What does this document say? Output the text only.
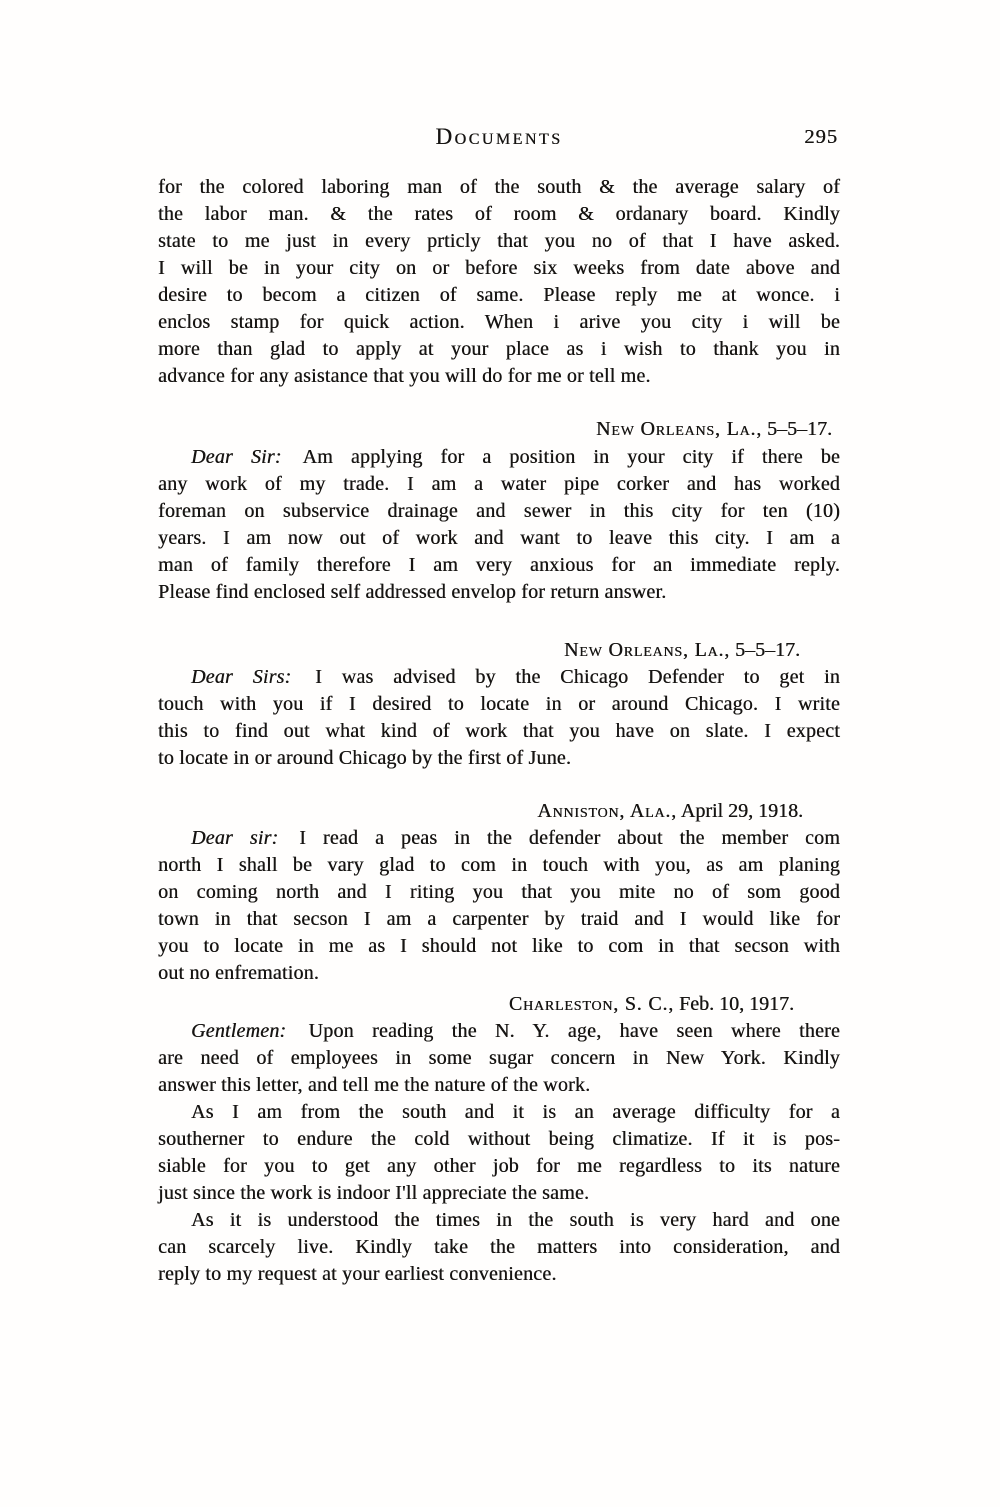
Documents	295
for the colored laboring man of the south & the average salary of
the labor man. & the rates of room & ordanary board. Kindly
state to me just in every prticly that you no of that I have asked.
I will be in your city on or before six weeks from date above and
desire to becom a citizen of same. Please reply me at wonce. i
enclos stamp for quick action. When i arive you city i will be
more than glad to apply at your place as i wish to thank you in
advance for any asistance that you will do for me or tell me.
New Orleans, La., 5–5–17.
Dear Sir: Am applying for a position in your city if there be
any work of my trade. I am a water pipe corker and has worked
foreman on subservice drainage and sewer in this city for ten (10)
years. I am now out of work and want to leave this city. I am a
man of family therefore I am very anxious for an immediate reply.
Please find enclosed self addressed envelop for return answer.
New Orleans, La., 5–5–17.
Dear Sirs: I was advised by the Chicago Defender to get in
touch with you if I desired to locate in or around Chicago. I write
this to find out what kind of work that you have on slate. I expect
to locate in or around Chicago by the first of June.
Anniston, Ala., April 29, 1918.
Dear sir: I read a peas in the defender about the member com
north I shall be vary glad to com in touch with you, as am planing
on coming north and I riting you that you mite no of som good
town in that secson I am a carpenter by traid and I would like for
you to locate in me as I should not like to com in that secson with
out no enfremation.
Charleston, S. C., Feb. 10, 1917.
Gentlemen: Upon reading the N. Y. age, have seen where there
are need of employees in some sugar concern in New York. Kindly
answer this letter, and tell me the nature of the work.
As I am from the south and it is an average difficulty for a
southerner to endure the cold without being climatize. If it is pos-
siable for you to get any other job for me regardless to its nature
just since the work is indoor I'll appreciate the same.
As it is understood the times in the south is very hard and one
can scarcely live. Kindly take the matters into consideration, and
reply to my request at your earliest convenience.
